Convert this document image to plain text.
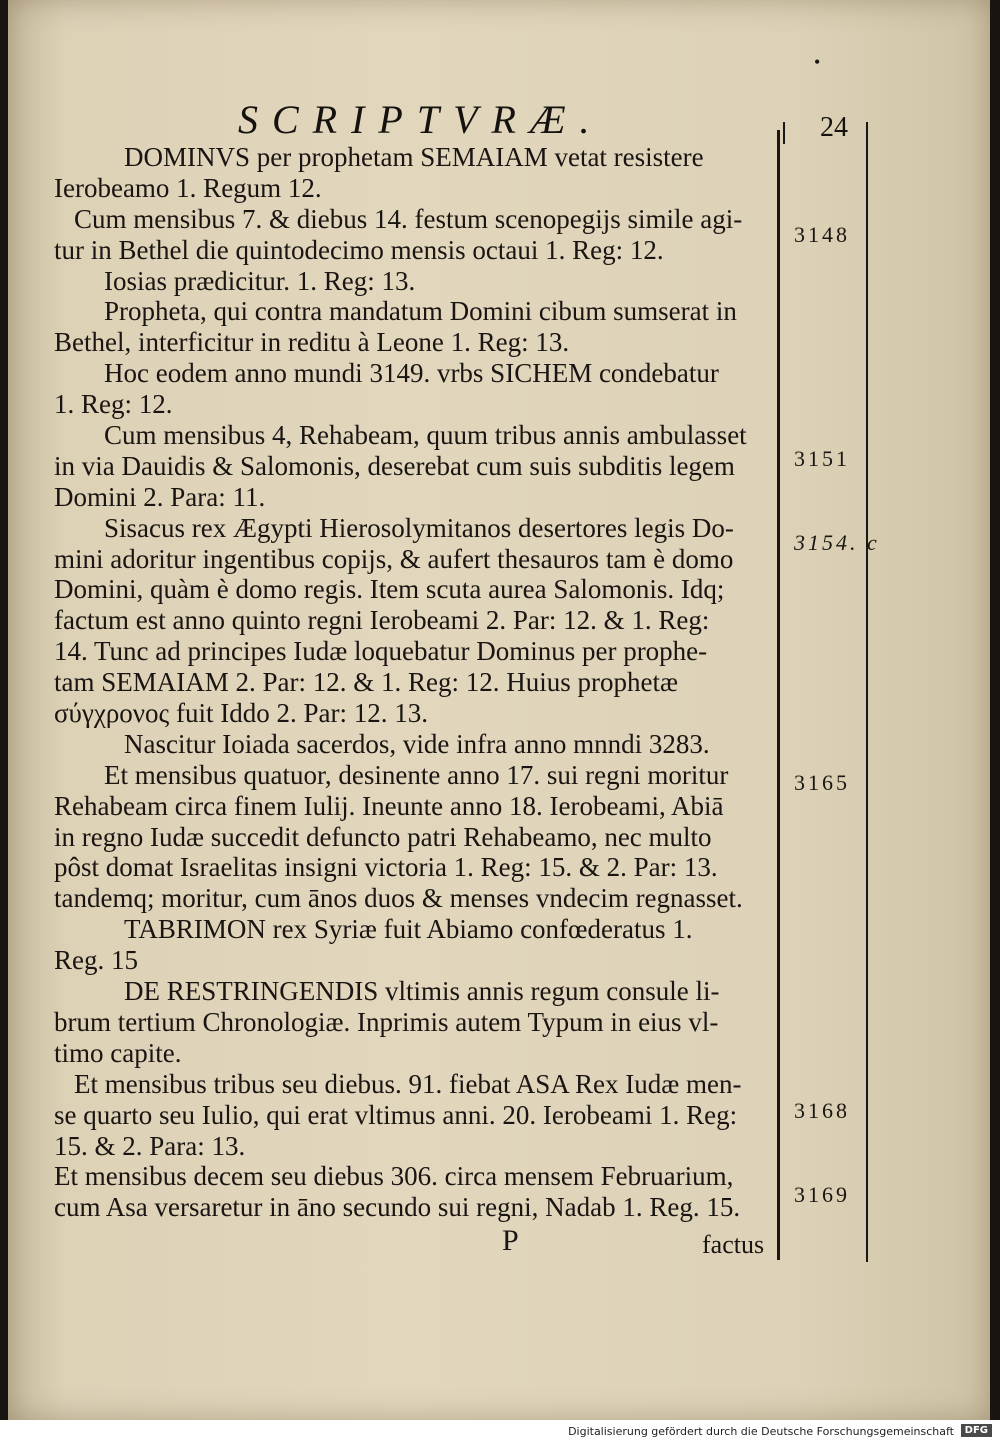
•
SCRIPTVRÆ.	24
DOMINVS per prophetam SEMAIAM vetat resistere
Ierobeamo 1. Regum 12.
Cum mensibus 7. & diebus 14. festum scenopegijs simile agi-
tur in Bethel die quintodecimo mensis octaui 1. Reg: 12.
Iosias prædicitur. 1. Reg: 13.
Propheta, qui contra mandatum Domini cibum sumserat in
Bethel, interficitur in reditu à Leone 1. Reg: 13.
Hoc eodem anno mundi 3149. vrbs SICHEM condebatur
1. Reg: 12.
Cum mensibus 4, Rehabeam, quum tribus annis ambulasset
in via Dauidis & Salomonis, deserebat cum suis subditis legem
Domini 2. Para: 11.
Sisacus rex Ægypti Hierosolymitanos desertores legis Do-
mini adoritur ingentibus copijs, & aufert thesauros tam è domo
Domini, quàm è domo regis. Item scuta aurea Salomonis. Idq;
factum est anno quinto regni Ierobeami 2. Par: 12. & 1. Reg:
14. Tunc ad principes Iudæ loquebatur Dominus per prophe-
tam SEMAIAM 2. Par: 12. & 1. Reg: 12. Huius prophetæ
σύγχρονος fuit Iddo 2. Par: 12. 13.
Nascitur Ioiada sacerdos, vide infra anno mnndi 3283.
Et mensibus quatuor, desinente anno 17. sui regni moritur
Rehabeam circa finem Iulij. Ineunte anno 18. Ierobeami, Abiā
in regno Iudæ succedit defuncto patri Rehabeamo, nec multo
pôst domat Israelitas insigni victoria 1. Reg: 15. & 2. Par: 13.
tandemq; moritur, cum ānos duos & menses vndecim regnasset.
TABRIMON rex Syriæ fuit Abiamo confœderatus 1.
Reg. 15
DE RESTRINGENDIS vltimis annis regum consule li-
brum tertium Chronologiæ. Inprimis autem Typum in eius vl-
timo capite.
Et mensibus tribus seu diebus. 91. fiebat ASA Rex Iudæ men-
se quarto seu Iulio, qui erat vltimus anni. 20. Ierobeami 1. Reg:
15. & 2. Para: 13.
Et mensibus decem seu diebus 306. circa mensem Februarium,
cum Asa versaretur in āno secundo sui regni, Nadab 1. Reg. 15.
3148
3151
3154. c
3165
3168
3169
P	factus
Digitalisierung gefördert durch die Deutsche Forschungsgemeinschaft	DFG
